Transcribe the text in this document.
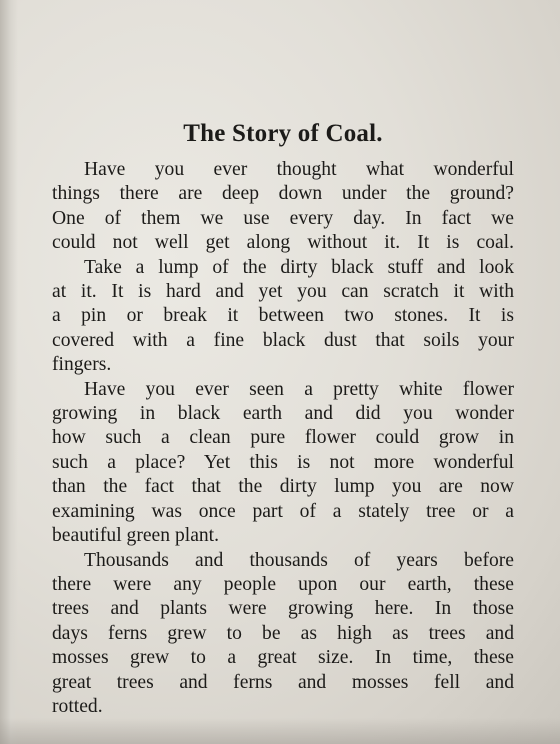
The Story of Coal.
Have you ever thought what wonderful
things there are deep down under the ground?
One of them we use every day. In fact we
could not well get along without it. It is coal.
Take a lump of the dirty black stuff and look
at it. It is hard and yet you can scratch it with
a pin or break it between two stones. It is
covered with a fine black dust that soils your
fingers.
Have you ever seen a pretty white flower
growing in black earth and did you wonder
how such a clean pure flower could grow in
such a place? Yet this is not more wonderful
than the fact that the dirty lump you are now
examining was once part of a stately tree or a
beautiful green plant.
Thousands and thousands of years before
there were any people upon our earth, these
trees and plants were growing here. In those
days ferns grew to be as high as trees and
mosses grew to a great size. In time, these
great trees and ferns and mosses fell and
rotted.
